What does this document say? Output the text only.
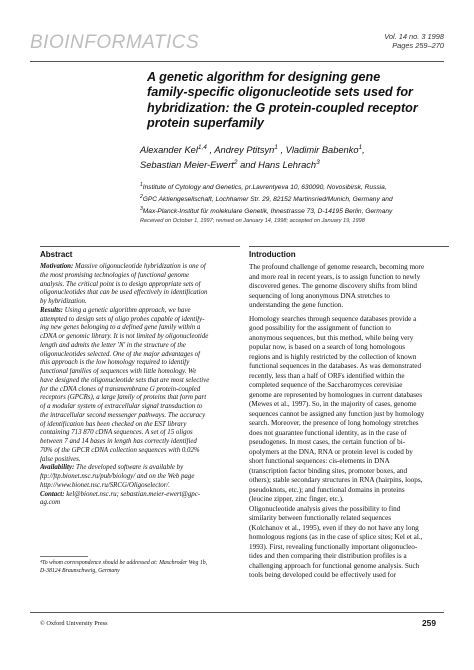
BIOINFORMATICS	Vol. 14 no. 3 1998
Pages 259–270
A genetic algorithm for designing gene
family-specific oligonucleotide sets used for
hybridization: the G protein-coupled receptor
protein superfamily
Alexander Kel$^{1,4}$ , Andrey Ptitsyn$^1$ , Vladimir Babenko$^1$,
Sebastian Meier-Ewert$^2$ and Hans Lehrach$^3$
$^1$Institute of Cytology and Genetics, pr.Lavrentyeva 10, 630090, Novosibirsk, Russia,
$^2$GPC Aktiengesellschaft, Lochhamer Str. 29, 82152 Martinsried/Munich, Germany and
$^3$Max-Planck-Institut für molekulare Genetik, Ihnestrasse 73, D-14195 Berlin, Germany
Received on October 1, 1997; revised on January 14, 1998; accepted on January 19, 1998
Abstract
Motivation: Massive oligonucleotide hybridization is one of
the most promising technologies of functional genome
analysis. The critical point is to design appropriate sets of
oligonucleotides that can be used effectively in identification
by hybridization.
Results: Using a genetic algorithm approach, we have
attempted to design sets of oligo probes capable of identify-
ing new genes belonging to a defined gene family within a
cDNA or genomic library. It is not limited by oligonucleotide
length and admits the letter 'N' in the structure of the
oligonucleotides selected. One of the major advantages of
this approach is the low homology required to identify
functional families of sequences with little homology. We
have designed the oligonucleotide sets that are most selective
for the cDNA clones of transmembrane G protein-coupled
receptors (GPCRs), a large family of proteins that form part
of a modular system of extracellular signal transduction to
the intracellular second messenger pathways. The accuracy
of identification has been checked on the EST library
containing 713 870 cDNA sequences. A set of 15 oligos
between 7 and 14 bases in length has correctly identified
70% of the GPCR cDNA collection sequences with 0.02%
false positives.
Availability: The developed software is available by
ftp://ftp.bionet.nsc.ru/pub/biology/ and on the Web page
http://www.bionet.nsc.ru/SRCG/Oligoselector/.
Contact: kel@bionet.nsc.ru; sebastian.meier-ewert@gpc-
ag.com
Introduction
The profound challenge of genome research, becoming more
and more real in recent years, is to assign function to newly
discovered genes. The genome discovery shifts from blind
sequencing of long anonymous DNA stretches to
understanding the gene function.
Homology searches through sequence databases provide a
good possibility for the assignment of function to
anonymous sequences, but this method, while being very
popular now, is based on a search of long homologous
regions and is highly restricted by the collection of known
functional sequences in the databases. As was demonstrated
recently, less than a half of ORFs identified within the
completed sequence of the Saccharomyces cerevisiae
genome are represented by homologues in current databases
(Mewes et al., 1997). So, in the majority of cases, genome
sequences cannot be assigned any function just by homology
search. Moreover, the presence of long homology stretches
does not guarantee functional identity, as in the case of
pseudogenes. In most cases, the certain function of bi-
opolymers at the DNA, RNA or protein level is coded by
short functional sequences: cis-elements in DNA
(transcription factor binding sites, promoter boxes, and
others); stable secondary structures in RNA (hairpins, loops,
pseudoknots, etc.); and functional domains in proteins
(leucine zipper, zinc finger, etc.).
Oligonucleotide analysis gives the possibility to find
similarity between functionally related sequences
(Kolchanov et al., 1995), even if they do not have any long
homologous regions (as in the case of splice sites; Kel et al.,
1993). First, revealing functionally important oligonucleo-
tides and then comparing their distribution profiles is a
challenging approach for functional genome analysis. Such
tools being developed could be effectively used for
⁴To whom correspondence should be addressed at: Maschroder Weg 1b,
D-38124 Braunschweig, Germany
© Oxford University Press	259
